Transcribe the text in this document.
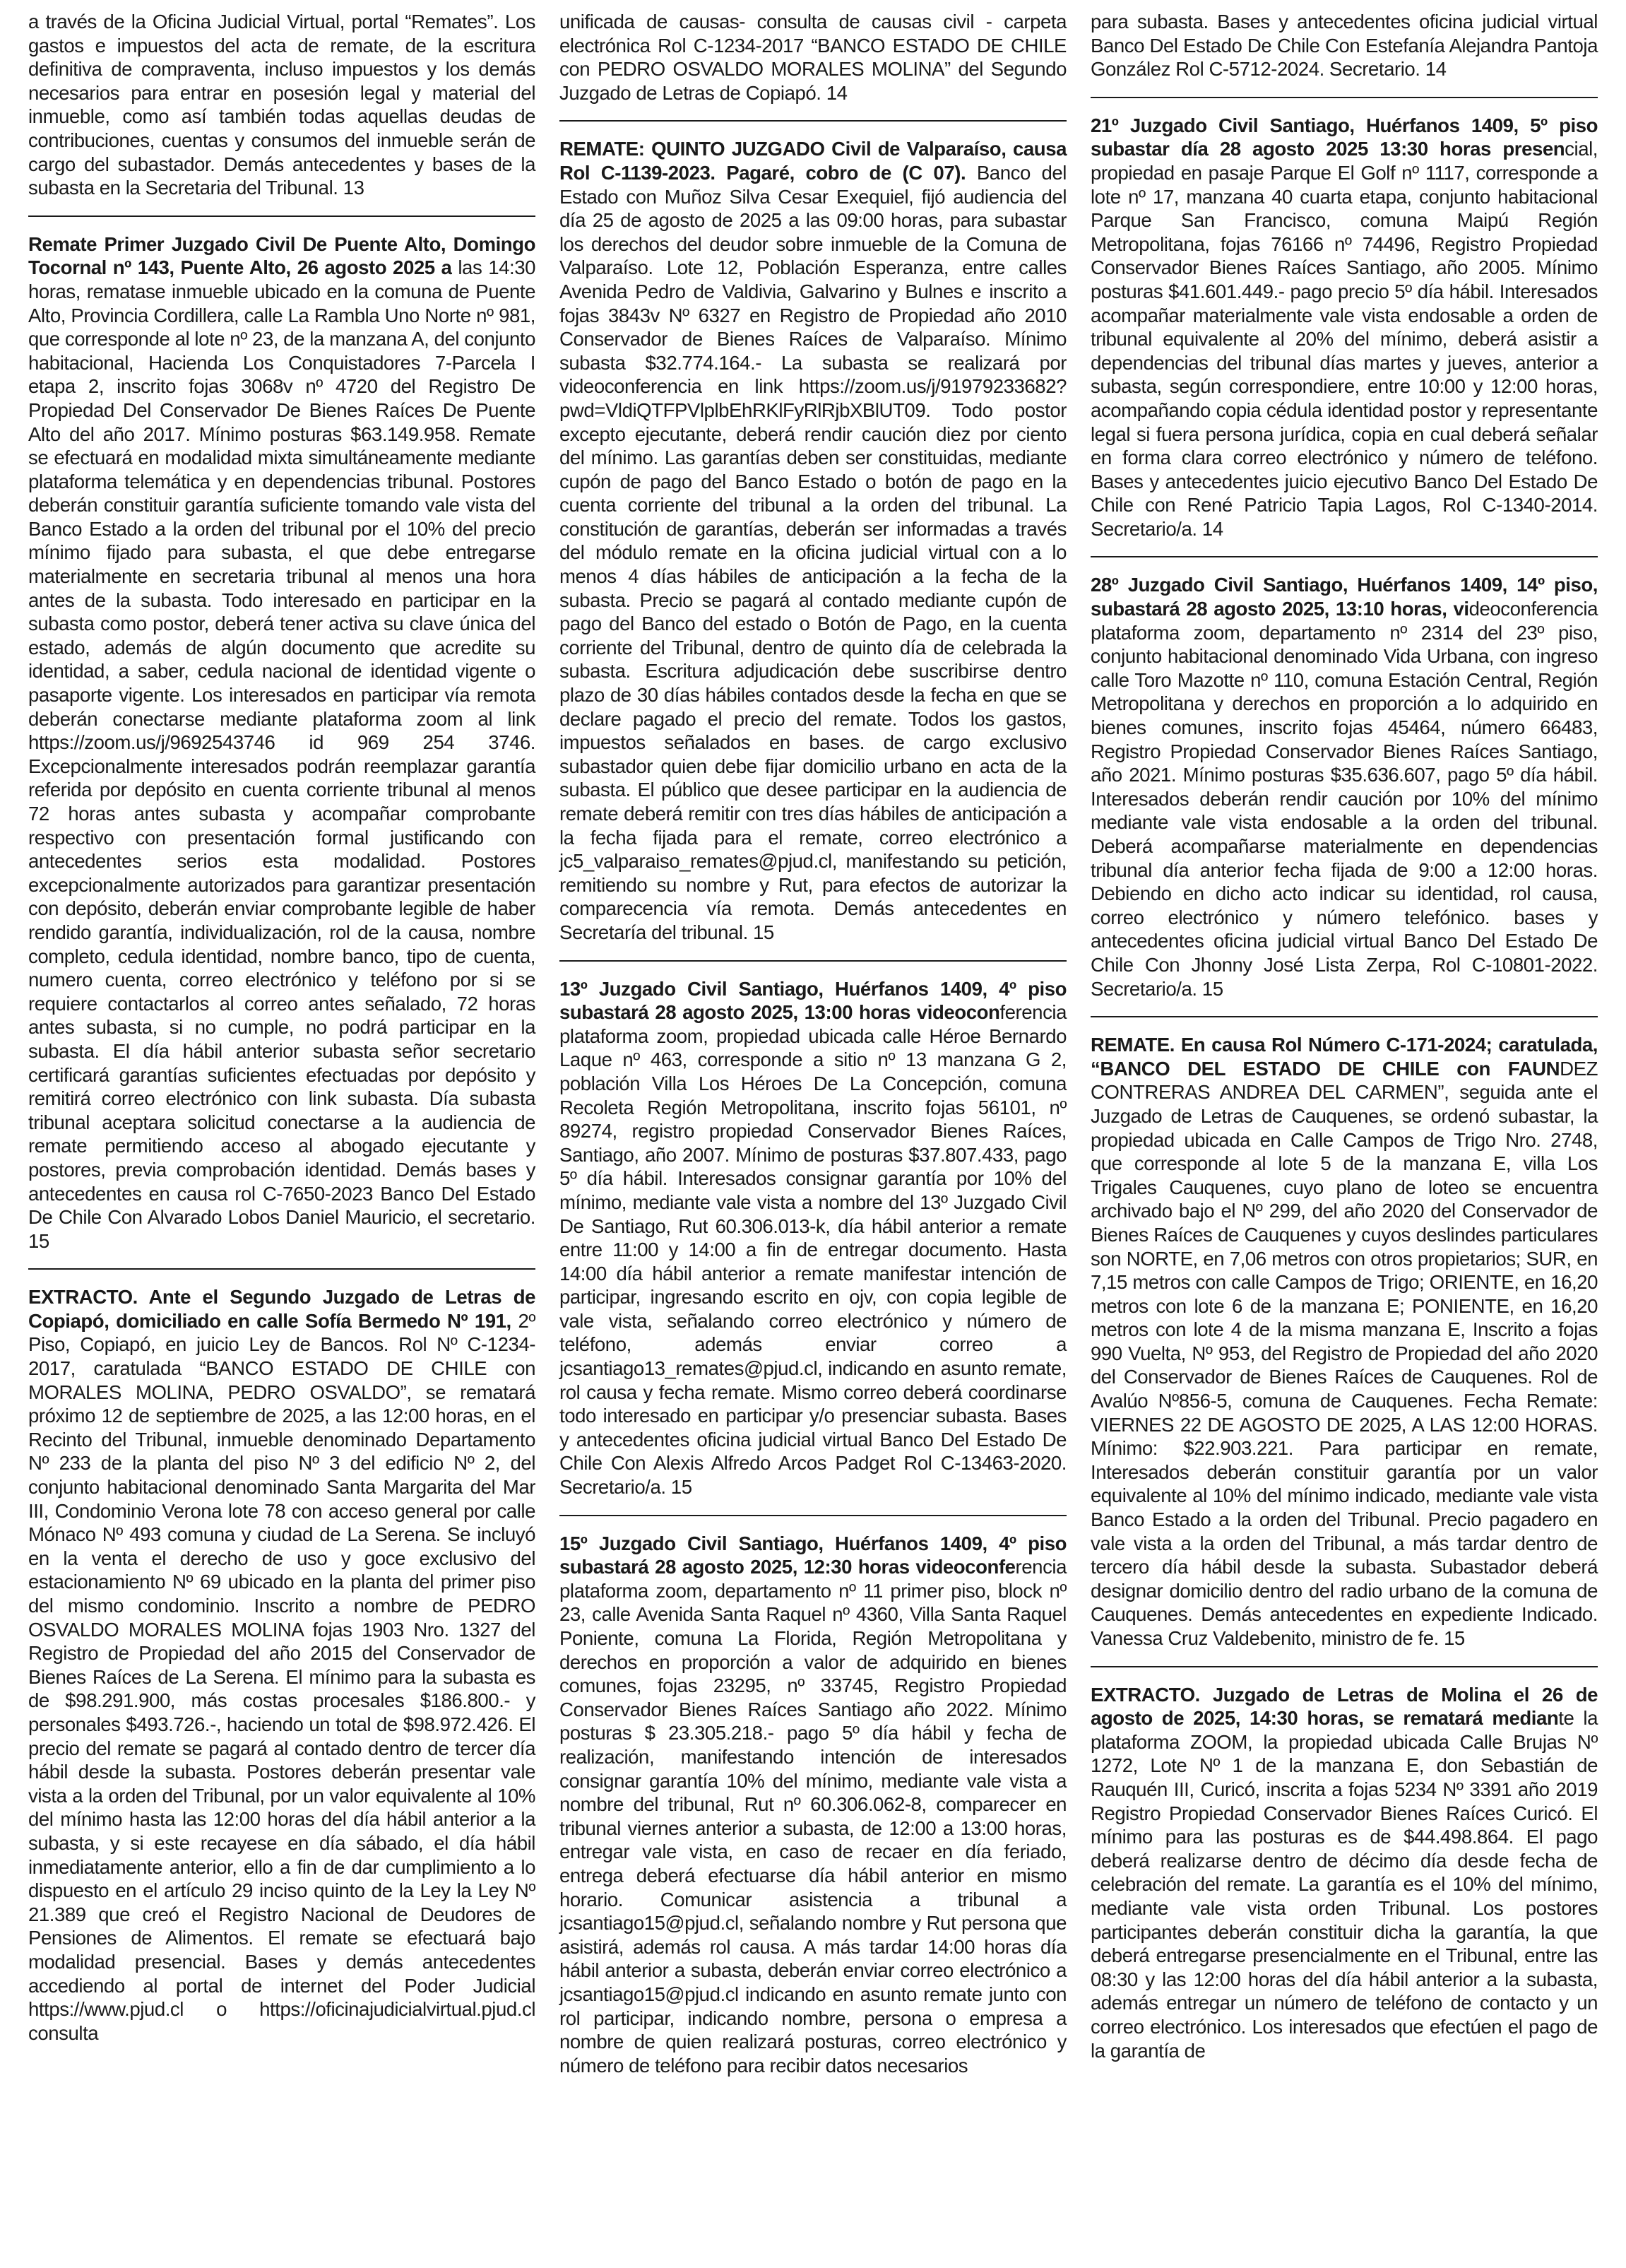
a través de la Oficina Judicial Virtual, portal “Remates”. Los gastos e impuestos del acta de remate, de la escritura definitiva de compraventa, incluso impuestos y los demás necesarios para entrar en posesión legal y material del inmueble, como así también todas aquellas deudas de contribuciones, cuentas y consumos del inmueble serán de cargo del subastador. Demás antecedentes y bases de la subasta en la Secretaria del Tribunal. 13

Remate Primer Juzgado Civil De Puente Alto, Domingo Tocornal nº 143, Puente Alto, 26 agosto 2025 a las 14:30 horas, rematase inmueble ubicado en la comuna de Puente Alto, Provincia Cordillera, calle La Rambla Uno Norte nº 981, que corresponde al lote nº 23, de la manzana A, del conjunto habitacional, Hacienda Los Conquistadores 7-Parcela I etapa 2, inscrito fojas 3068v nº 4720 del Registro De Propiedad Del Conservador De Bienes Raíces De Puente Alto del año 2017. Mínimo posturas $63.149.958. Remate se efectuará en modalidad mixta simultáneamente mediante plataforma telemática y en dependencias tribunal. Postores deberán constituir garantía suficiente tomando vale vista del Banco Estado a la orden del tribunal por el 10% del precio mínimo fijado para subasta, el que debe entregarse materialmente en secretaria tribunal al menos una hora antes de la subasta. Todo interesado en participar en la subasta como postor, deberá tener activa su clave única del estado, además de algún documento que acredite su identidad, a saber, cedula nacional de identidad vigente o pasaporte vigente. Los interesados en participar vía remota deberán conectarse mediante plataforma zoom al link https://zoom.us/j/9692543746 id 969 254 3746. Excepcionalmente interesados podrán reemplazar garantía referida por depósito en cuenta corriente tribunal al menos 72 horas antes subasta y acompañar comprobante respectivo con presentación formal justificando con antecedentes serios esta modalidad. Postores excepcionalmente autorizados para garantizar presentación con depósito, deberán enviar comprobante legible de haber rendido garantía, individualización, rol de la causa, nombre completo, cedula identidad, nombre banco, tipo de cuenta, numero cuenta, correo electrónico y teléfono por si se requiere contactarlos al correo antes señalado, 72 horas antes subasta, si no cumple, no podrá participar en la subasta. El día hábil anterior subasta señor secretario certificará garantías suficientes efectuadas por depósito y remitirá correo electrónico con link subasta. Día subasta tribunal aceptara solicitud conectarse a la audiencia de remate permitiendo acceso al abogado ejecutante y postores, previa comprobación identidad. Demás bases y antecedentes en causa rol C-7650-2023 Banco Del Estado De Chile Con Alvarado Lobos Daniel Mauricio, el secretario. 15

EXTRACTO. Ante el Segundo Juzgado de Letras de Copiapó, domiciliado en calle Sofía Bermedo Nº 191, 2º Piso, Copiapó, en juicio Ley de Bancos. Rol Nº C-1234-2017, caratulada “BANCO ESTADO DE CHILE con MORALES MOLINA, PEDRO OSVALDO”, se rematará próximo 12 de septiembre de 2025, a las 12:00 horas, en el Recinto del Tribunal, inmueble denominado Departamento Nº 233 de la planta del piso Nº 3 del edificio Nº 2, del conjunto habitacional denominado Santa Margarita del Mar III, Condominio Verona lote 78 con acceso general por calle Mónaco Nº 493 comuna y ciudad de La Serena. Se incluyó en la venta el derecho de uso y goce exclusivo del estacionamiento Nº 69 ubicado en la planta del primer piso del mismo condominio. Inscrito a nombre de PEDRO OSVALDO MORALES MOLINA fojas 1903 Nro. 1327 del Registro de Propiedad del año 2015 del Conservador de Bienes Raíces de La Serena. El mínimo para la subasta es de $98.291.900, más costas procesales $186.800.- y personales $493.726.-, haciendo un total de $98.972.426. El precio del remate se pagará al contado dentro de tercer día hábil desde la subasta. Postores deberán presentar vale vista a la orden del Tribunal, por un valor equivalente al 10% del mínimo hasta las 12:00 horas del día hábil anterior a la subasta, y si este recayese en día sábado, el día hábil inmediatamente anterior, ello a fin de dar cumplimiento a lo dispuesto en el artículo 29 inciso quinto de la Ley la Ley Nº 21.389 que creó el Registro Nacional de Deudores de Pensiones de Alimentos. El remate se efectuará bajo modalidad presencial. Bases y demás antecedentes accediendo al portal de internet del Poder Judicial https://www.pjud.cl o https://oficinajudicialvirtual.pjud.cl consulta

unificada de causas- consulta de causas civil - carpeta electrónica Rol C-1234-2017 “BANCO ESTADO DE CHILE con PEDRO OSVALDO MORALES MOLINA” del Segundo Juzgado de Letras de Copiapó. 14

REMATE: QUINTO JUZGADO Civil de Valparaíso, causa Rol C-1139-2023. Pagaré, cobro de (C 07). Banco del Estado con Muñoz Silva Cesar Exequiel, fijó audiencia del día 25 de agosto de 2025 a las 09:00 horas, para subastar los derechos del deudor sobre inmueble de la Comuna de Valparaíso. Lote 12, Población Esperanza, entre calles Avenida Pedro de Valdivia, Galvarino y Bulnes e inscrito a fojas 3843v Nº 6327 en Registro de Propiedad año 2010 Conservador de Bienes Raíces de Valparaíso. Mínimo subasta $32.774.164.- La subasta se realizará por videoconferencia en link https://zoom.us/j/91979233682?pwd=VldiQTFPVlplbEhRKlFyRlRjbXBlUT09. Todo postor excepto ejecutante, deberá rendir caución diez por ciento del mínimo. Las garantías deben ser constituidas, mediante cupón de pago del Banco Estado o botón de pago en la cuenta corriente del tribunal a la orden del tribunal. La constitución de garantías, deberán ser informadas a través del módulo remate en la oficina judicial virtual con a lo menos 4 días hábiles de anticipación a la fecha de la subasta. Precio se pagará al contado mediante cupón de pago del Banco del estado o Botón de Pago, en la cuenta corriente del Tribunal, dentro de quinto día de celebrada la subasta. Escritura adjudicación debe suscribirse dentro plazo de 30 días hábiles contados desde la fecha en que se declare pagado el precio del remate. Todos los gastos, impuestos señalados en bases. de cargo exclusivo subastador quien debe fijar domicilio urbano en acta de la subasta. El público que desee participar en la audiencia de remate deberá remitir con tres días hábiles de anticipación a la fecha fijada para el remate, correo electrónico a jc5_valparaiso_remates@pjud.cl, manifestando su petición, remitiendo su nombre y Rut, para efectos de autorizar la comparecencia vía remota. Demás antecedentes en Secretaría del tribunal. 15

13º Juzgado Civil Santiago, Huérfanos 1409, 4º piso subastará 28 agosto 2025, 13:00 horas videoconferencia plataforma zoom, propiedad ubicada calle Héroe Bernardo Laque nº 463, corresponde a sitio nº 13 manzana G 2, población Villa Los Héroes De La Concepción, comuna Recoleta Región Metropolitana, inscrito fojas 56101, nº 89274, registro propiedad Conservador Bienes Raíces, Santiago, año 2007. Mínimo de posturas $37.807.433, pago 5º día hábil. Interesados consignar garantía por 10% del mínimo, mediante vale vista a nombre del 13º Juzgado Civil De Santiago, Rut 60.306.013-k, día hábil anterior a remate entre 11:00 y 14:00 a fin de entregar documento. Hasta 14:00 día hábil anterior a remate manifestar intención de participar, ingresando escrito en ojv, con copia legible de vale vista, señalando correo electrónico y número de teléfono, además enviar correo a jcsantiago13_remates@pjud.cl, indicando en asunto remate, rol causa y fecha remate. Mismo correo deberá coordinarse todo interesado en participar y/o presenciar subasta. Bases y antecedentes oficina judicial virtual Banco Del Estado De Chile Con Alexis Alfredo Arcos Padget Rol C-13463-2020. Secretario/a. 15

15º Juzgado Civil Santiago, Huérfanos 1409, 4º piso subastará 28 agosto 2025, 12:30 horas videoconferencia plataforma zoom, departamento nº 11 primer piso, block nº 23, calle Avenida Santa Raquel nº 4360, Villa Santa Raquel Poniente, comuna La Florida, Región Metropolitana y derechos en proporción a valor de adquirido en bienes comunes, fojas 23295, nº 33745, Registro Propiedad Conservador Bienes Raíces Santiago año 2022. Mínimo posturas $ 23.305.218.- pago 5º día hábil y fecha de realización, manifestando intención de interesados consignar garantía 10% del mínimo, mediante vale vista a nombre del tribunal, Rut nº 60.306.062-8, comparecer en tribunal viernes anterior a subasta, de 12:00 a 13:00 horas, entregar vale vista, en caso de recaer en día feriado, entrega deberá efectuarse día hábil anterior en mismo horario. Comunicar asistencia a tribunal a jcsantiago15@pjud.cl, señalando nombre y Rut persona que asistirá, además rol causa. A más tardar 14:00 horas día hábil anterior a subasta, deberán enviar correo electrónico a jcsantiago15@pjud.cl indicando en asunto remate junto con rol participar, indicando nombre, persona o empresa a nombre de quien realizará posturas, correo electrónico y número de teléfono para recibir datos necesarios

para subasta. Bases y antecedentes oficina judicial virtual Banco Del Estado De Chile Con Estefanía Alejandra Pantoja González Rol C-5712-2024. Secretario. 14

21º Juzgado Civil Santiago, Huérfanos 1409, 5º piso subastar día 28 agosto 2025 13:30 horas presencial, propiedad en pasaje Parque El Golf nº 1117, corresponde a lote nº 17, manzana 40 cuarta etapa, conjunto habitacional Parque San Francisco, comuna Maipú Región Metropolitana, fojas 76166 nº 74496, Registro Propiedad Conservador Bienes Raíces Santiago, año 2005. Mínimo posturas $41.601.449.- pago precio 5º día hábil. Interesados acompañar materialmente vale vista endosable a orden de tribunal equivalente al 20% del mínimo, deberá asistir a dependencias del tribunal días martes y jueves, anterior a subasta, según correspondiere, entre 10:00 y 12:00 horas, acompañando copia cédula identidad postor y representante legal si fuera persona jurídica, copia en cual deberá señalar en forma clara correo electrónico y número de teléfono. Bases y antecedentes juicio ejecutivo Banco Del Estado De Chile con René Patricio Tapia Lagos, Rol C-1340-2014. Secretario/a. 14

28º Juzgado Civil Santiago, Huérfanos 1409, 14º piso, subastará 28 agosto 2025, 13:10 horas, videoconferencia plataforma zoom, departamento nº 2314 del 23º piso, conjunto habitacional denominado Vida Urbana, con ingreso calle Toro Mazotte nº 110, comuna Estación Central, Región Metropolitana y derechos en proporción a lo adquirido en bienes comunes, inscrito fojas 45464, número 66483, Registro Propiedad Conservador Bienes Raíces Santiago, año 2021. Mínimo posturas $35.636.607, pago 5º día hábil. Interesados deberán rendir caución por 10% del mínimo mediante vale vista endosable a la orden del tribunal. Deberá acompañarse materialmente en dependencias tribunal día anterior fecha fijada de 9:00 a 12:00 horas. Debiendo en dicho acto indicar su identidad, rol causa, correo electrónico y número telefónico. bases y antecedentes oficina judicial virtual Banco Del Estado De Chile Con Jhonny José Lista Zerpa, Rol C-10801-2022. Secretario/a. 15

REMATE. En causa Rol Número C-171-2024; caratulada, “BANCO DEL ESTADO DE CHILE con FAUNDEZ CONTRERAS ANDREA DEL CARMEN”, seguida ante el Juzgado de Letras de Cauquenes, se ordenó subastar, la propiedad ubicada en Calle Campos de Trigo Nro. 2748, que corresponde al lote 5 de la manzana E, villa Los Trigales Cauquenes, cuyo plano de loteo se encuentra archivado bajo el Nº 299, del año 2020 del Conservador de Bienes Raíces de Cauquenes y cuyos deslindes particulares son NORTE, en 7,06 metros con otros propietarios; SUR, en 7,15 metros con calle Campos de Trigo; ORIENTE, en 16,20 metros con lote 6 de la manzana E; PONIENTE, en 16,20 metros con lote 4 de la misma manzana E, Inscrito a fojas 990 Vuelta, Nº 953, del Registro de Propiedad del año 2020 del Conservador de Bienes Raíces de Cauquenes. Rol de Avalúo Nº856-5, comuna de Cauquenes. Fecha Remate: VIERNES 22 DE AGOSTO DE 2025, A LAS 12:00 HORAS. Mínimo: $22.903.221. Para participar en remate, Interesados deberán constituir garantía por un valor equivalente al 10% del mínimo indicado, mediante vale vista Banco Estado a la orden del Tribunal. Precio pagadero en vale vista a la orden del Tribunal, a más tardar dentro de tercero día hábil desde la subasta. Subastador deberá designar domicilio dentro del radio urbano de la comuna de Cauquenes. Demás antecedentes en expediente Indicado. Vanessa Cruz Valdebenito, ministro de fe. 15

EXTRACTO. Juzgado de Letras de Molina el 26 de agosto de 2025, 14:30 horas, se rematará mediante la plataforma ZOOM, la propiedad ubicada Calle Brujas Nº 1272, Lote Nº 1 de la manzana E, don Sebastián de Rauquén III, Curicó, inscrita a fojas 5234 Nº 3391 año 2019 Registro Propiedad Conservador Bienes Raíces Curicó. El mínimo para las posturas es de $44.498.864. El pago deberá realizarse dentro de décimo día desde fecha de celebración del remate. La garantía es el 10% del mínimo, mediante vale vista orden Tribunal. Los postores participantes deberán constituir dicha la garantía, la que deberá entregarse presencialmente en el Tribunal, entre las 08:30 y las 12:00 horas del día hábil anterior a la subasta, además entregar un número de teléfono de contacto y un correo electrónico. Los interesados que efectúen el pago de la garantía de
